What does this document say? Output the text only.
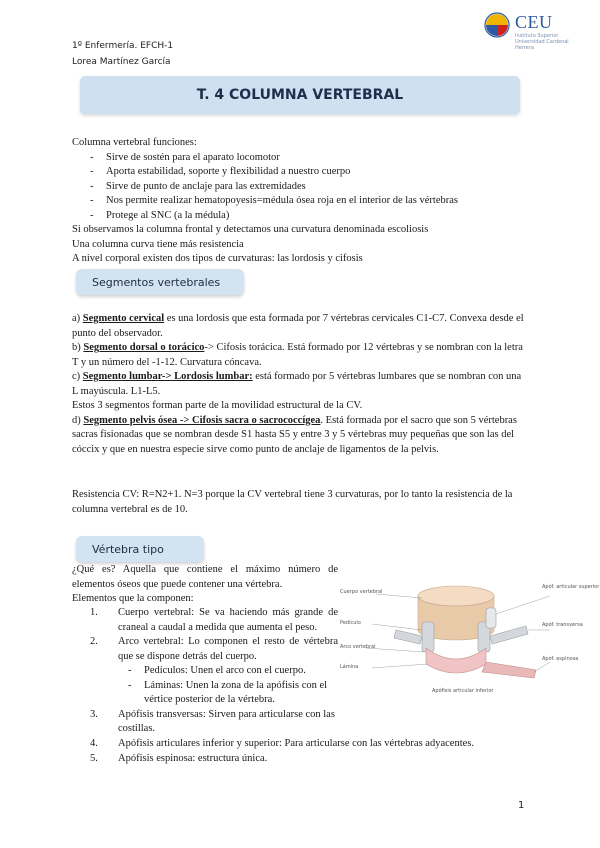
1º Enfermería. EFCH-1
Lorea Martínez García
CEU
Instituto Superior
Universidad Cardenal Herrera
T. 4 COLUMNA VERTEBRAL
Columna vertebral funciones:
- Sirve de sostén para el aparato locomotor
- Aporta estabilidad, soporte y flexibilidad a nuestro cuerpo
- Sirve de punto de anclaje para las extremidades
- Nos permite realizar hematopoyesis=médula ósea roja en el interior de las vértebras
- Protege al SNC (a la médula)
Si observamos la columna frontal y detectamos una curvatura denominada escoliosis
Una columna curva tiene más resistencia
A nivel corporal existen dos tipos de curvaturas: las lordosis y cifosis
Segmentos vertebrales
a) Segmento cervical es una lordosis que esta formada por 7 vértebras cervicales C1-C7. Convexa desde el punto del observador.
b) Segmento dorsal o torácico-> Cifosis torácica. Está formado por 12 vértebras y se nombran con la letra T y un número del -1-12. Curvatura cóncava.
c) Segmento lumbar-> Lordosis lumbar: está formado por 5 vértebras lumbares que se nombran con una L mayúscula. L1-L5.
Estos 3 segmentos forman parte de la movilidad estructural de la CV.
d) Segmento pelvis ósea -> Cifosis sacra o sacrococcígea. Está formada por el sacro que son 5 vértebras sacras fisionadas que se nombran desde S1 hasta S5 y entre 3 y 5 vértebras muy pequeñas que son las del cóccix y que en nuestra especie sirve como punto de anclaje de ligamentos de la pelvis.
Resistencia CV: R=N2+1. N=3 porque la CV vertebral tiene 3 curvaturas, por lo tanto la resistencia de la columna vertebral es de 10.
Vértebra tipo
¿Qué es? Aquella que contiene el máximo número de elementos óseos que puede contener una vértebra.
Elementos que la componen:
1. Cuerpo vertebral: Se va haciendo más grande de craneal a caudal a medida que aumenta el peso.
2. Arco vertebral: Lo componen el resto de vértebra que se dispone detrás del cuerpo.
- Pedículos: Unen el arco con el cuerpo.
- Láminas: Unen la zona de la apófisis con el vértice posterior de la vértebra.
3. Apófisis transversas: Sirven para articularse con las costillas.
4. Apófisis articulares inferior y superior: Para articularse con las vértebras adyacentes.
5. Apófisis espinosa: estructura única.
Cuerpo vertebral
Pedículo
Arco vertebral
Lámina
Apóf. articular superior
Apóf. transversa
Apóf. espinosa
Apófisis articular inferior
1
